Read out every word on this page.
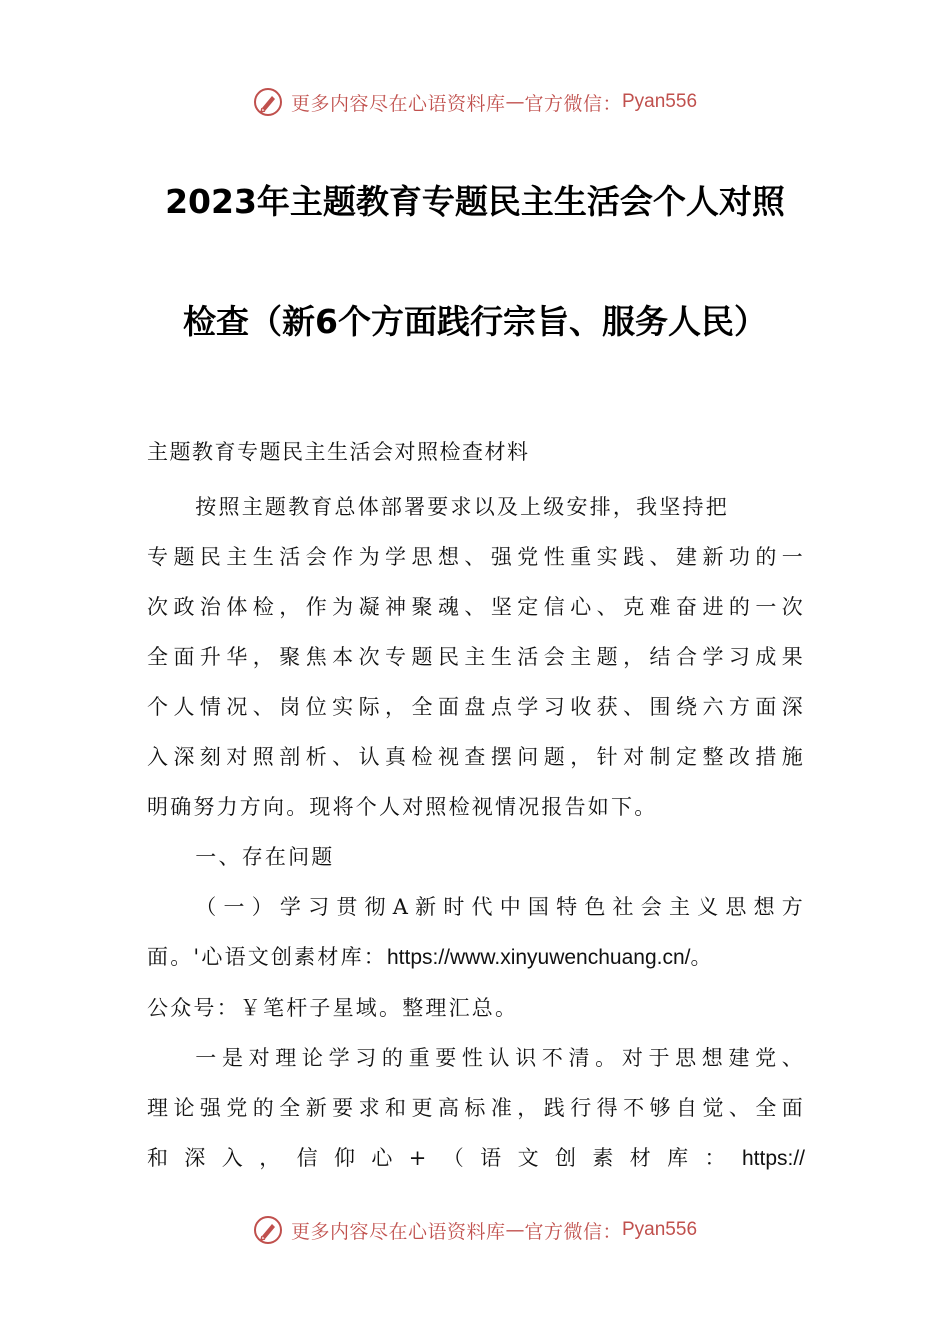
更多内容尽在心语资料库 — 官方微信： Pyan556
2023年主题教育专题民主生活会个人对照
检查（新6个方面践行宗旨、服务人民）
主题教育专题民主生活会对照检查材料
按照主题教育总体部署要求以及上级安排，我坚持把
专题民主生活会作为学思想、强党性重实践、建新功的一
次政治体检，作为凝神聚魂、坚定信心、克难奋进的一次
全面升华，聚焦本次专题民主生活会主题，结合学习成果
个人情况、岗位实际，全面盘点学习收获、围绕六方面深
入深刻对照剖析、认真检视查摆问题，针对制定整改措施
明确努力方向。现将个人对照检视情况报告如下。
一、存在问题
（一）学习贯彻A新时代中国特色社会主义思想方
面。'心语文创素材库：https://www.xinyuwenchuang.cn/。
公众号：￥笔杆子星域。整理汇总。
一是对理论学习的重要性认识不清。对于思想建党、
理论强党的全新要求和更高标准，践行得不够自觉、全面
和深入，信仰心+（语文创素材库：https://
更多内容尽在心语资料库 — 官方微信： Pyan556
